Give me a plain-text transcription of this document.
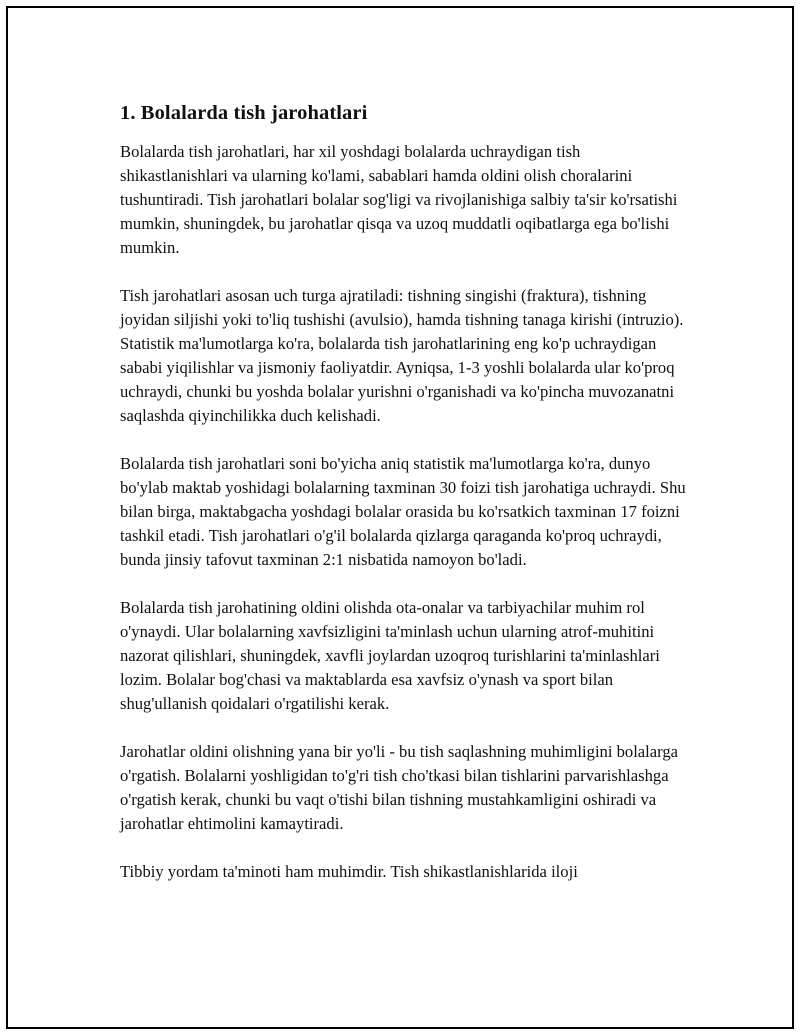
1. Bolalarda tish jarohatlari

Bolalarda tish jarohatlari, har xil yoshdagi bolalarda uchraydigan tish shikastlanishlari va ularning ko'lami, sabablari hamda oldini olish choralarini tushuntiradi. Tish jarohatlari bolalar sog'ligi va rivojlanishiga salbiy ta'sir ko'rsatishi mumkin, shuningdek, bu jarohatlar qisqa va uzoq muddatli oqibatlarga ega bo'lishi mumkin.

Tish jarohatlari asosan uch turga ajratiladi: tishning singishi (fraktura), tishning joyidan siljishi yoki to'liq tushishi (avulsio), hamda tishning tanaga kirishi (intruzio). Statistik ma'lumotlarga ko'ra, bolalarda tish jarohatlarining eng ko'p uchraydigan sababi yiqilishlar va jismoniy faoliyatdir. Ayniqsa, 1-3 yoshli bolalarda ular ko'proq uchraydi, chunki bu yoshda bolalar yurishni o'rganishadi va ko'pincha muvozanatni saqlashda qiyinchilikka duch kelishadi.

Bolalarda tish jarohatlari soni bo'yicha aniq statistik ma'lumotlarga ko'ra, dunyo bo'ylab maktab yoshidagi bolalarning taxminan 30 foizi tish jarohatiga uchraydi. Shu bilan birga, maktabgacha yoshdagi bolalar orasida bu ko'rsatkich taxminan 17 foizni tashkil etadi. Tish jarohatlari o'g'il bolalarda qizlarga qaraganda ko'proq uchraydi, bunda jinsiy tafovut taxminan 2:1 nisbatida namoyon bo'ladi.

Bolalarda tish jarohatining oldini olishda ota-onalar va tarbiyachilar muhim rol o'ynaydi. Ular bolalarning xavfsizligini ta'minlash uchun ularning atrof-muhitini nazorat qilishlari, shuningdek, xavfli joylardan uzoqroq turishlarini ta'minlashlari lozim. Bolalar bog'chasi va maktablarda esa xavfsiz o'ynash va sport bilan shug'ullanish qoidalari o'rgatilishi kerak.

Jarohatlar oldini olishning yana bir yo'li - bu tish saqlashning muhimligini bolalarga o'rgatish. Bolalarni yoshligidan to'g'ri tish cho'tkasi bilan tishlarini parvarishlashga o'rgatish kerak, chunki bu vaqt o'tishi bilan tishning mustahkamligini oshiradi va jarohatlar ehtimolini kamaytiradi.

Tibbiy yordam ta'minoti ham muhimdir. Tish shikastlanishlarida iloji
